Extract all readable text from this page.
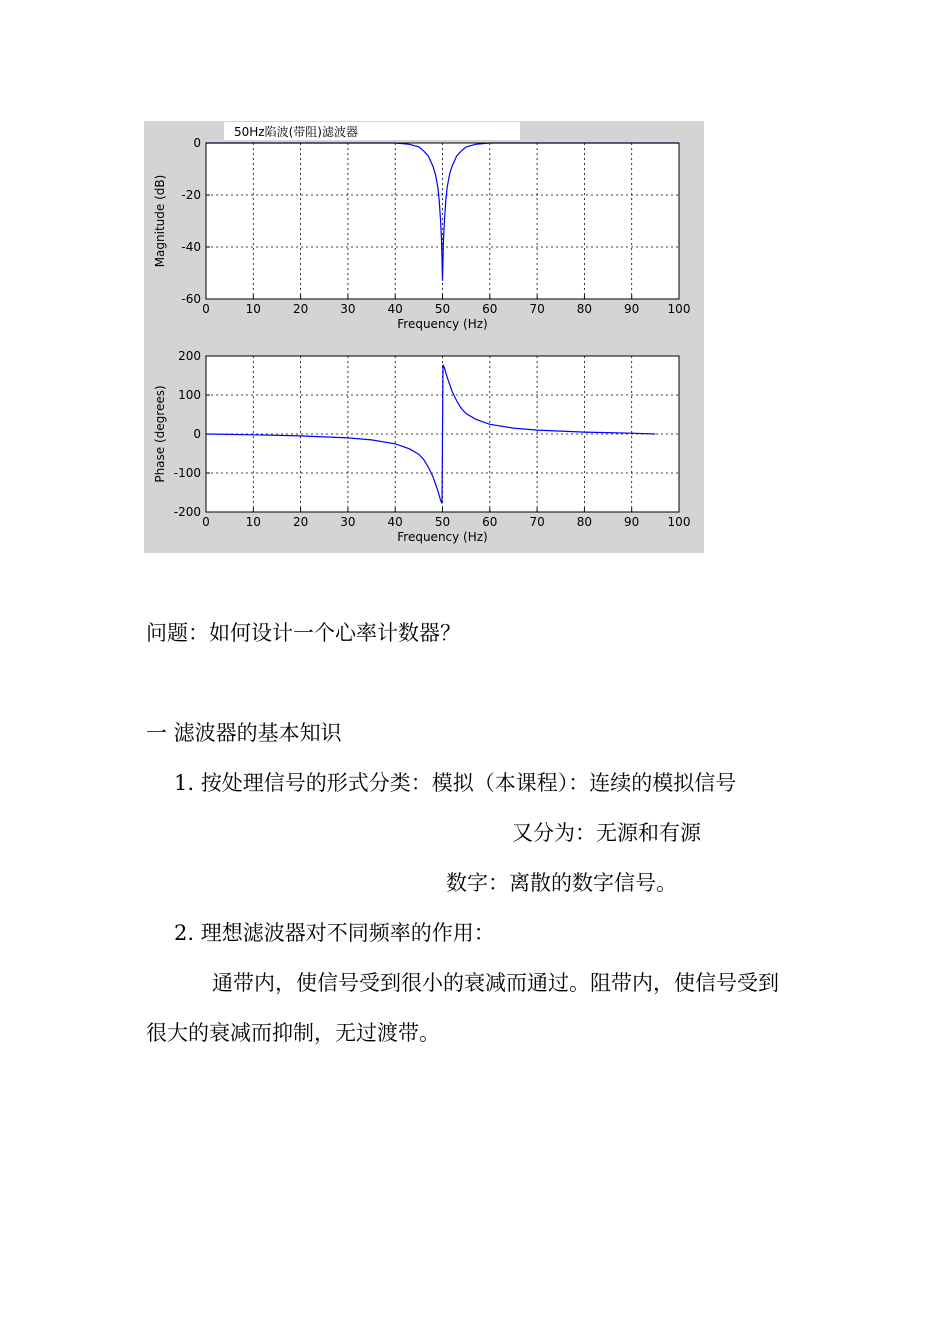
50Hz陷波(带阻)滤波器
0	10	20	30	40	50	60	70	80	90 100
0
-20
-40
-60
Frequency (Hz)
Magnitude (dB)
0	10	20	30	40	50	60	70	80	90 100
200
100
0
-100
-200
Frequency (Hz)
Phase (degrees)
问题：如何设计一个心率计数器？
一 滤波器的基本知识
1. 按处理信号的形式分类：模拟（本课程）：连续的模拟信号
又分为：无源和有源
数字：离散的数字信号。
2. 理想滤波器对不同频率的作用：
通带内，使信号受到很小的衰减而通过。阻带内，使信号受到
很大的衰减而抑制，无过渡带。
